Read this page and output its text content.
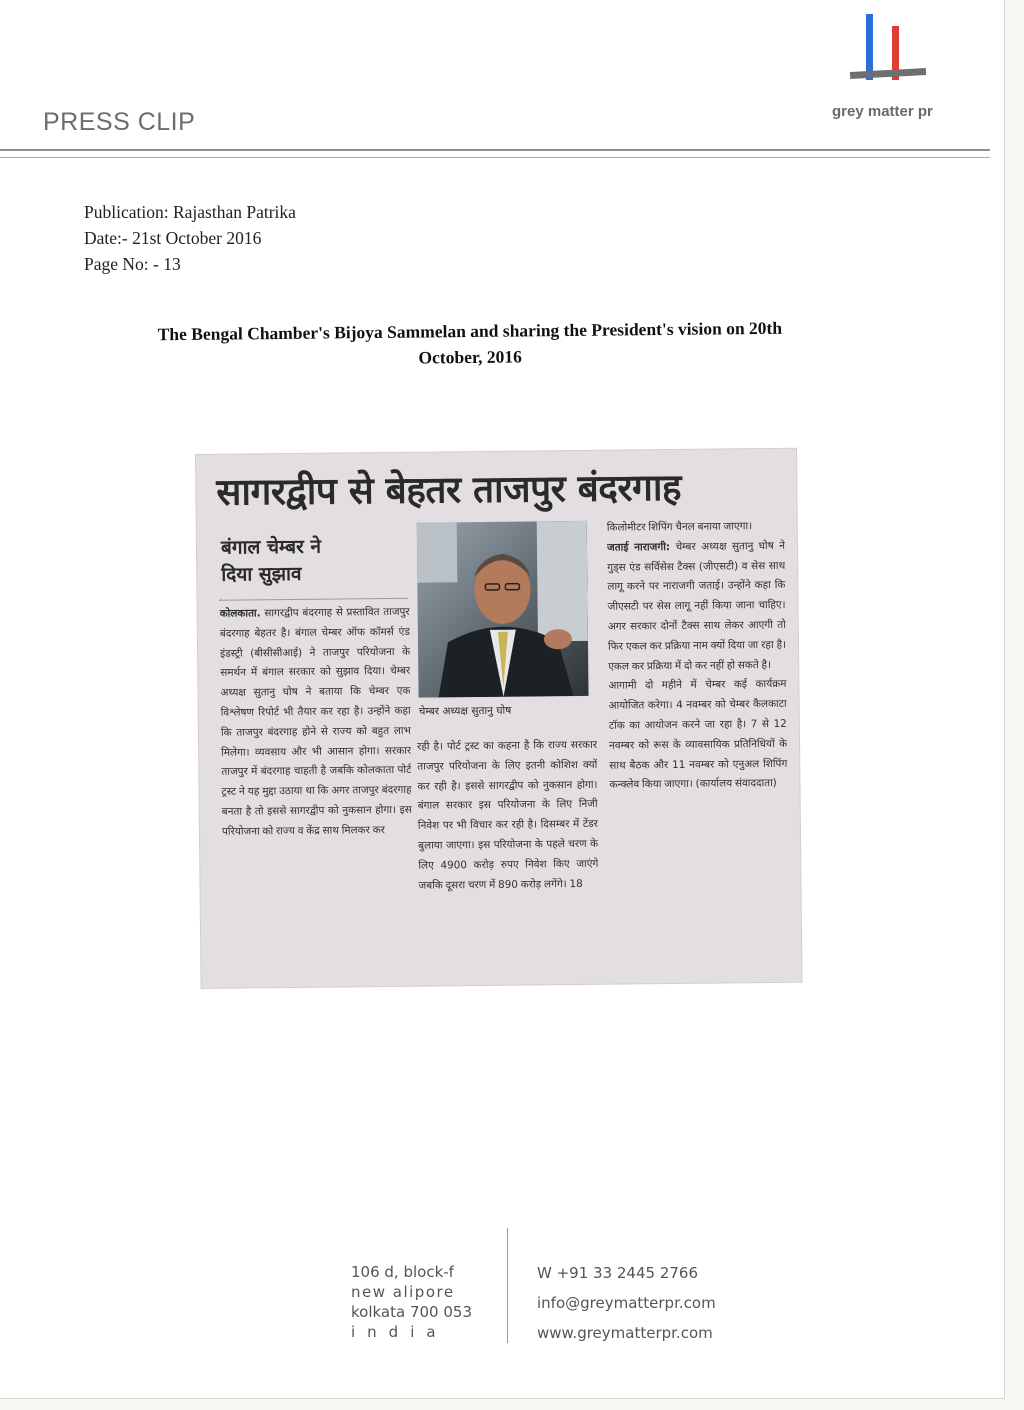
PRESS CLIP	grey matter pr
Publication: Rajasthan Patrika
Date:- 21st October 2016
Page No: - 13
The Bengal Chamber's Bijoya Sammelan and sharing the President's vision on 20th
October, 2016
सागरद्वीप से बेहतर ताजपुर बंदरगाह
बंगाल चेम्बर ने
दिया सुझाव
कोलकाता. सागरद्वीप बंदरगाह से प्रस्तावित ताजपुर बंदरगाह बेहतर है। बंगाल चेम्बर ऑफ कॉमर्स एंड इंडस्ट्री (बीसीसीआई) ने ताजपुर परियोजना के समर्थन में बंगाल सरकार को सुझाव दिया। चेम्बर अध्यक्ष सुतानु घोष ने बताया कि चेम्बर एक विश्लेषण रिपोर्ट भी तैयार कर रहा है। उन्होंने कहा कि ताजपुर बंदरगाह होने से राज्य को बहुत लाभ मिलेगा। व्यवसाय और भी आसान होगा। सरकार ताजपुर में बंदरगाह चाहती है जबकि कोलकाता पोर्ट ट्रस्ट ने यह मुद्दा उठाया था कि अगर ताजपुर बंदरगाह बनता है तो इससे सागरद्वीप को नुकसान होगा। इस परियोजना को राज्य व केंद्र साथ मिलकर कर
चेम्बर अध्यक्ष सुतानु घोष
रही है। पोर्ट ट्रस्ट का कहना है कि राज्य सरकार ताजपुर परियोजना के लिए इतनी कोशिश क्यों कर रही है। इससे सागरद्वीप को नुकसान होगा। बंगाल सरकार इस परियोजना के लिए निजी निवेश पर भी विचार कर रही है। दिसम्बर में टेंडर बुलाया जाएगा। इस परियोजना के पहले चरण के लिए 4900 करोड़ रुपए निवेश किए जाएंगे जबकि दूसरा चरण में 890 करोड़ लगेंगे। 18
किलोमीटर शिपिंग चैनल बनाया जाएगा।
जताई नाराजगी: चेम्बर अध्यक्ष सुतानु घोष ने गुड्स एंड सर्विसेस टैक्स (जीएसटी) व सेस साथ लागू करने पर नाराजगी जताई। उन्होंने कहा कि जीएसटी पर सेस लागू नहीं किया जाना चाहिए। अगर सरकार दोनों टैक्स साथ लेकर आएगी तो फिर एकल कर प्रक्रिया नाम क्यों दिया जा रहा है। एकल कर प्रक्रिया में दो कर नहीं हो सकते है।
आगामी दो महीने में चेम्बर कई कार्यक्रम आयोजित करेगा। 4 नवम्बर को चेम्बर कैलकाटा टॉक का आयोजन करने जा रहा है। 7 से 12 नवम्बर को रूस के व्यावसायिक प्रतिनिधियों के साथ बैठक और 11 नवम्बर को एनुअल शिपिंग कन्क्लेव किया जाएगा। (कार्यालय संवाददाता)
106 d, block-f
new alipore
kolkata 700 053
india
W +91 33 2445 2766
info@greymatterpr.com
www.greymatterpr.com
